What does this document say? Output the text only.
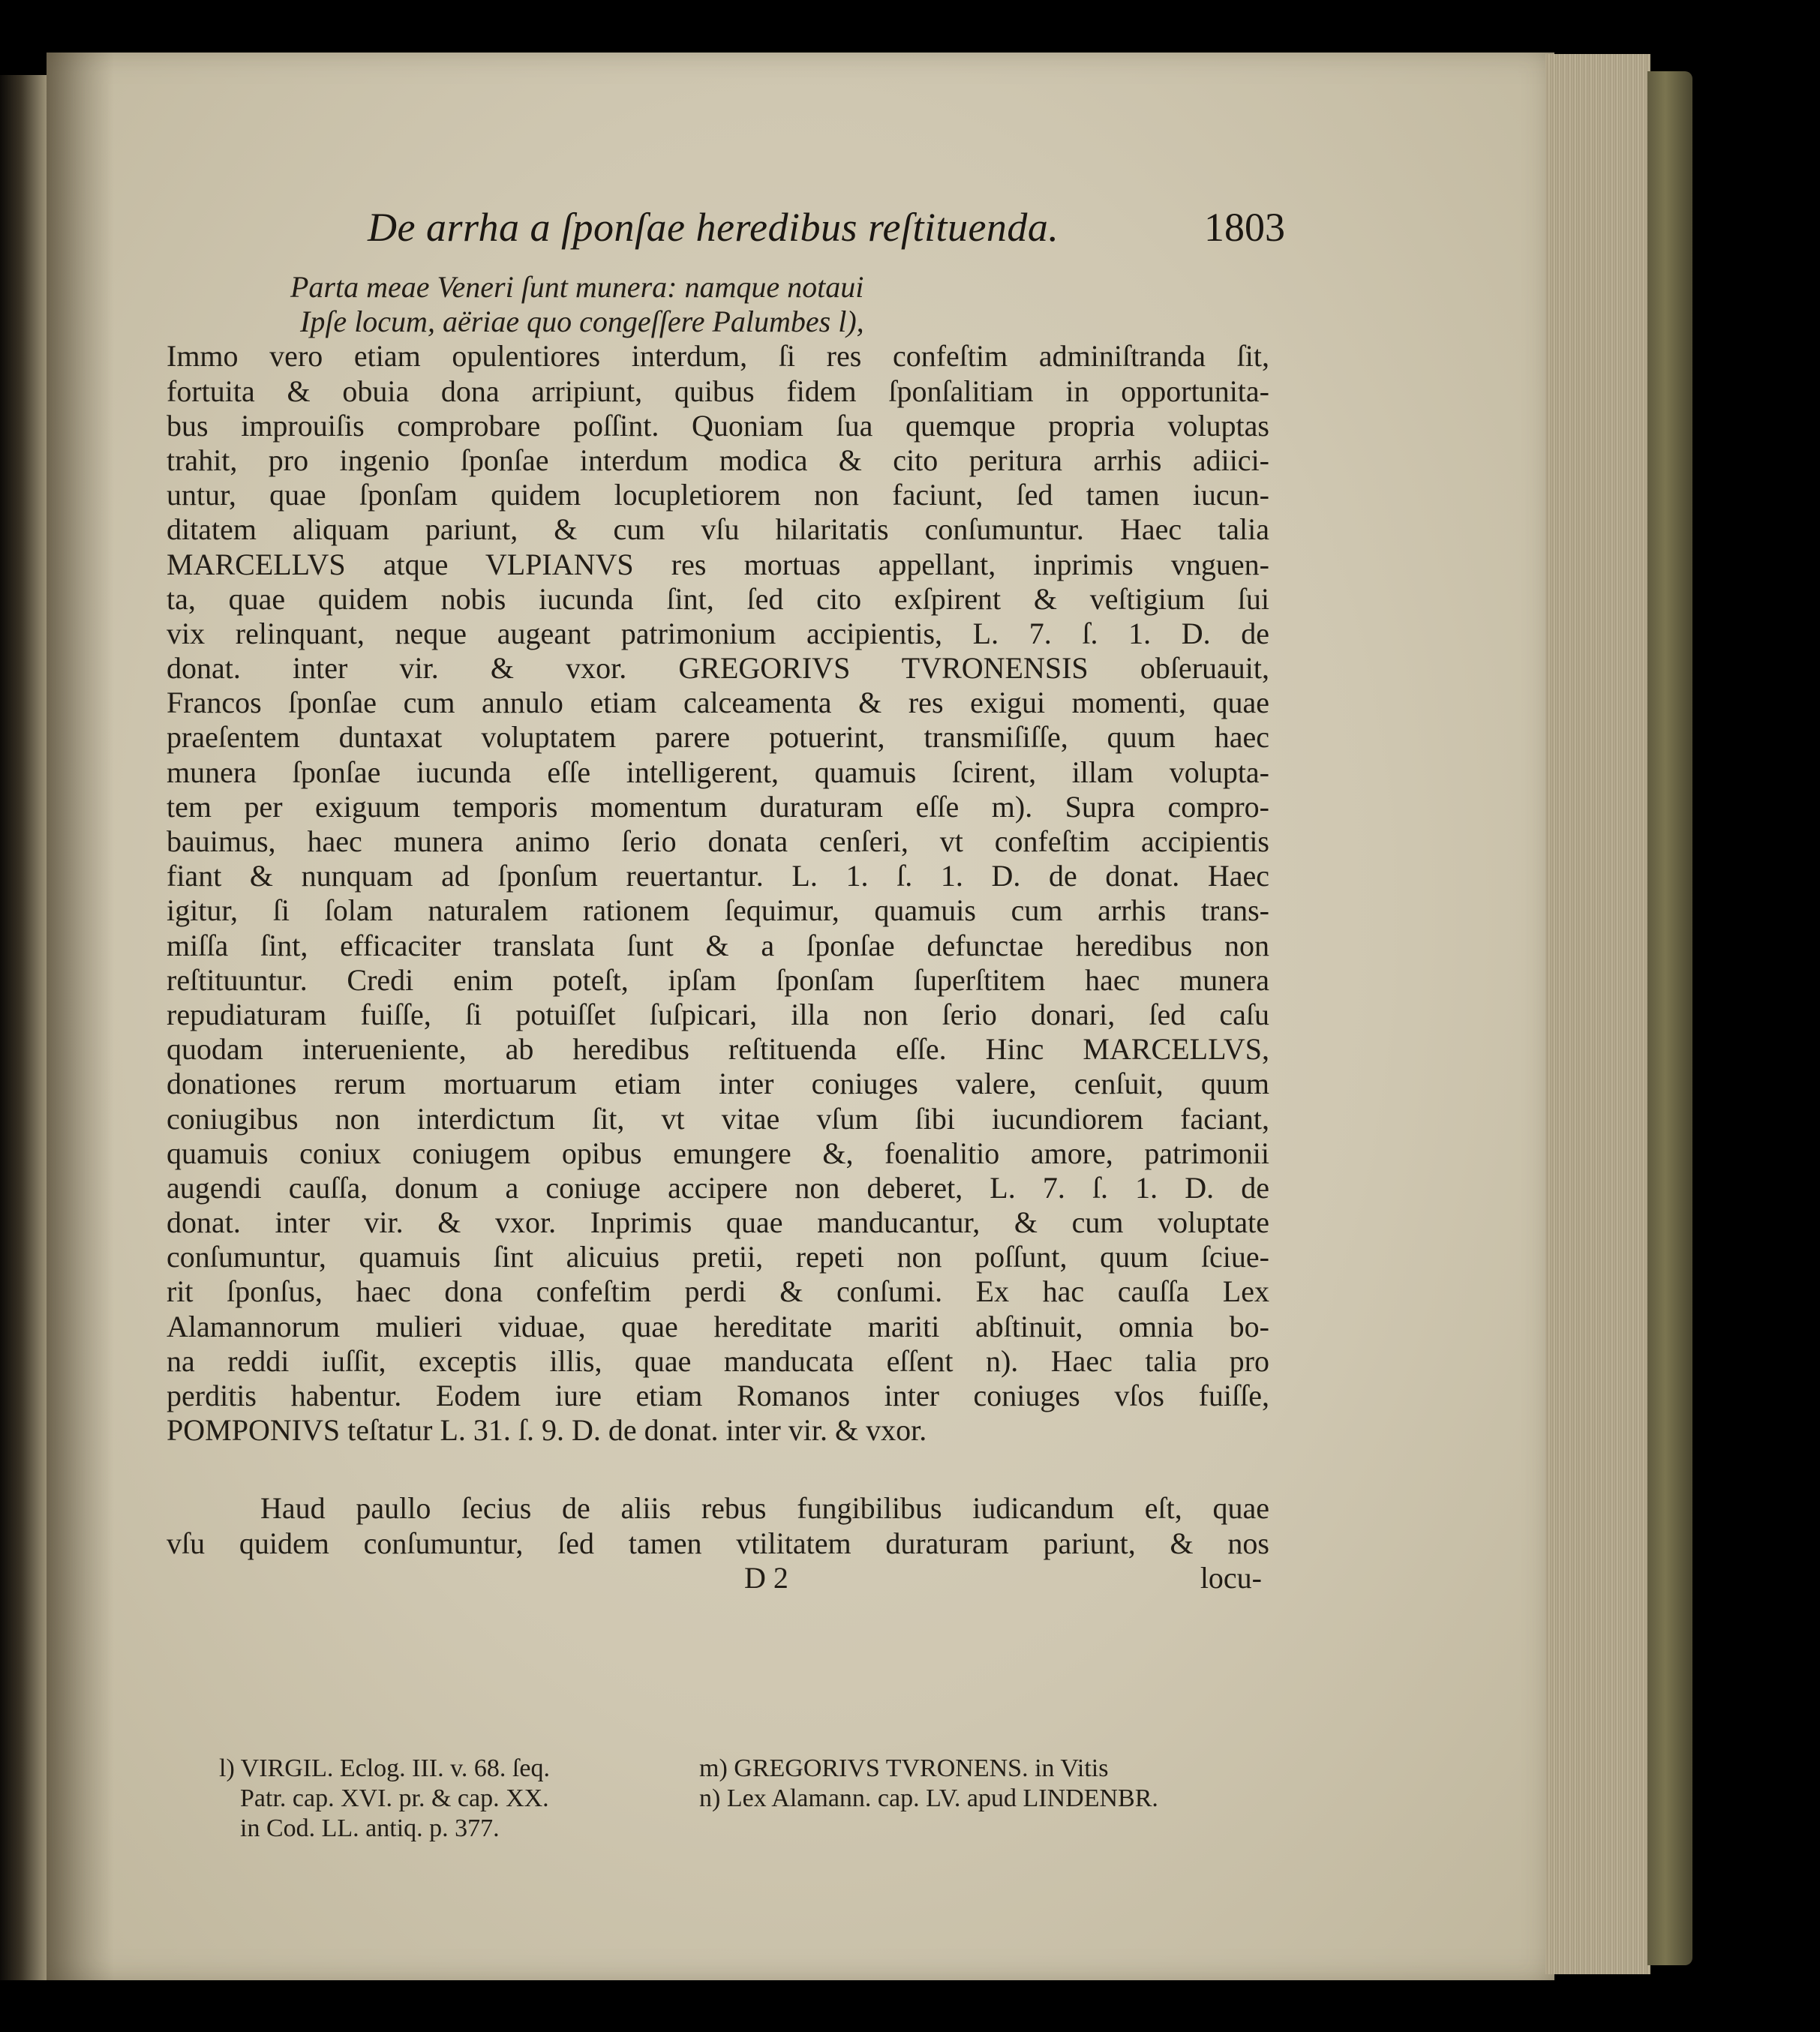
De arrha a ſponſae heredibus reſtituenda.	1803
Parta meae Veneri ſunt munera: namque notaui
Ipſe locum, aëriae quo congeſſere Palumbes l),
Immo vero etiam opulentiores interdum, ſi res confeſtim adminiſtranda ſit,
fortuita & obuia dona arripiunt, quibus fidem ſponſalitiam in opportunita-
bus improuiſis comprobare poſſint. Quoniam ſua quemque propria voluptas
trahit, pro ingenio ſponſae interdum modica & cito peritura arrhis adiici-
untur, quae ſponſam quidem locupletiorem non faciunt, ſed tamen iucun-
ditatem aliquam pariunt, & cum vſu hilaritatis conſumuntur. Haec talia
MARCELLVS atque VLPIANVS res mortuas appellant, inprimis vnguen-
ta, quae quidem nobis iucunda ſint, ſed cito exſpirent & veſtigium ſui
vix relinquant, neque augeant patrimonium accipientis, L. 7. ſ. 1. D. de
donat. inter vir. & vxor. GREGORIVS TVRONENSIS obſeruauit,
Francos ſponſae cum annulo etiam calceamenta & res exigui momenti, quae
praeſentem duntaxat voluptatem parere potuerint, transmiſiſſe, quum haec
munera ſponſae iucunda eſſe intelligerent, quamuis ſcirent, illam volupta-
tem per exiguum temporis momentum duraturam eſſe m). Supra compro-
bauimus, haec munera animo ſerio donata cenſeri, vt confeſtim accipientis
fiant & nunquam ad ſponſum reuertantur. L. 1. ſ. 1. D. de donat. Haec
igitur, ſi ſolam naturalem rationem ſequimur, quamuis cum arrhis trans-
miſſa ſint, efficaciter translata ſunt & a ſponſae defunctae heredibus non
reſtituuntur. Credi enim poteſt, ipſam ſponſam ſuperſtitem haec munera
repudiaturam fuiſſe, ſi potuiſſet ſuſpicari, illa non ſerio donari, ſed caſu
quodam interueniente, ab heredibus reſtituenda eſſe. Hinc MARCELLVS,
donationes rerum mortuarum etiam inter coniuges valere, cenſuit, quum
coniugibus non interdictum ſit, vt vitae vſum ſibi iucundiorem faciant,
quamuis coniux coniugem opibus emungere &, foenalitio amore, patrimonii
augendi cauſſa, donum a coniuge accipere non deberet, L. 7. ſ. 1. D. de
donat. inter vir. & vxor. Inprimis quae manducantur, & cum voluptate
conſumuntur, quamuis ſint alicuius pretii, repeti non poſſunt, quum ſciue-
rit ſponſus, haec dona confeſtim perdi & conſumi. Ex hac cauſſa Lex
Alamannorum mulieri viduae, quae hereditate mariti abſtinuit, omnia bo-
na reddi iuſſit, exceptis illis, quae manducata eſſent n). Haec talia pro
perditis habentur. Eodem iure etiam Romanos inter coniuges vſos fuiſſe,
POMPONIVS teſtatur L. 31. ſ. 9. D. de donat. inter vir. & vxor.
Haud paullo ſecius de aliis rebus fungibilibus iudicandum eſt, quae
vſu quidem conſumuntur, ſed tamen vtilitatem duraturam pariunt, & nos
D 2	locu-
l) VIRGIL. Eclog. III. v. 68. ſeq.
Patr. cap. XVI. pr. & cap. XX.
in Cod. LL. antiq. p. 377.
m) GREGORIVS TVRONENS. in Vitis
n) Lex Alamann. cap. LV. apud LINDENBR.
